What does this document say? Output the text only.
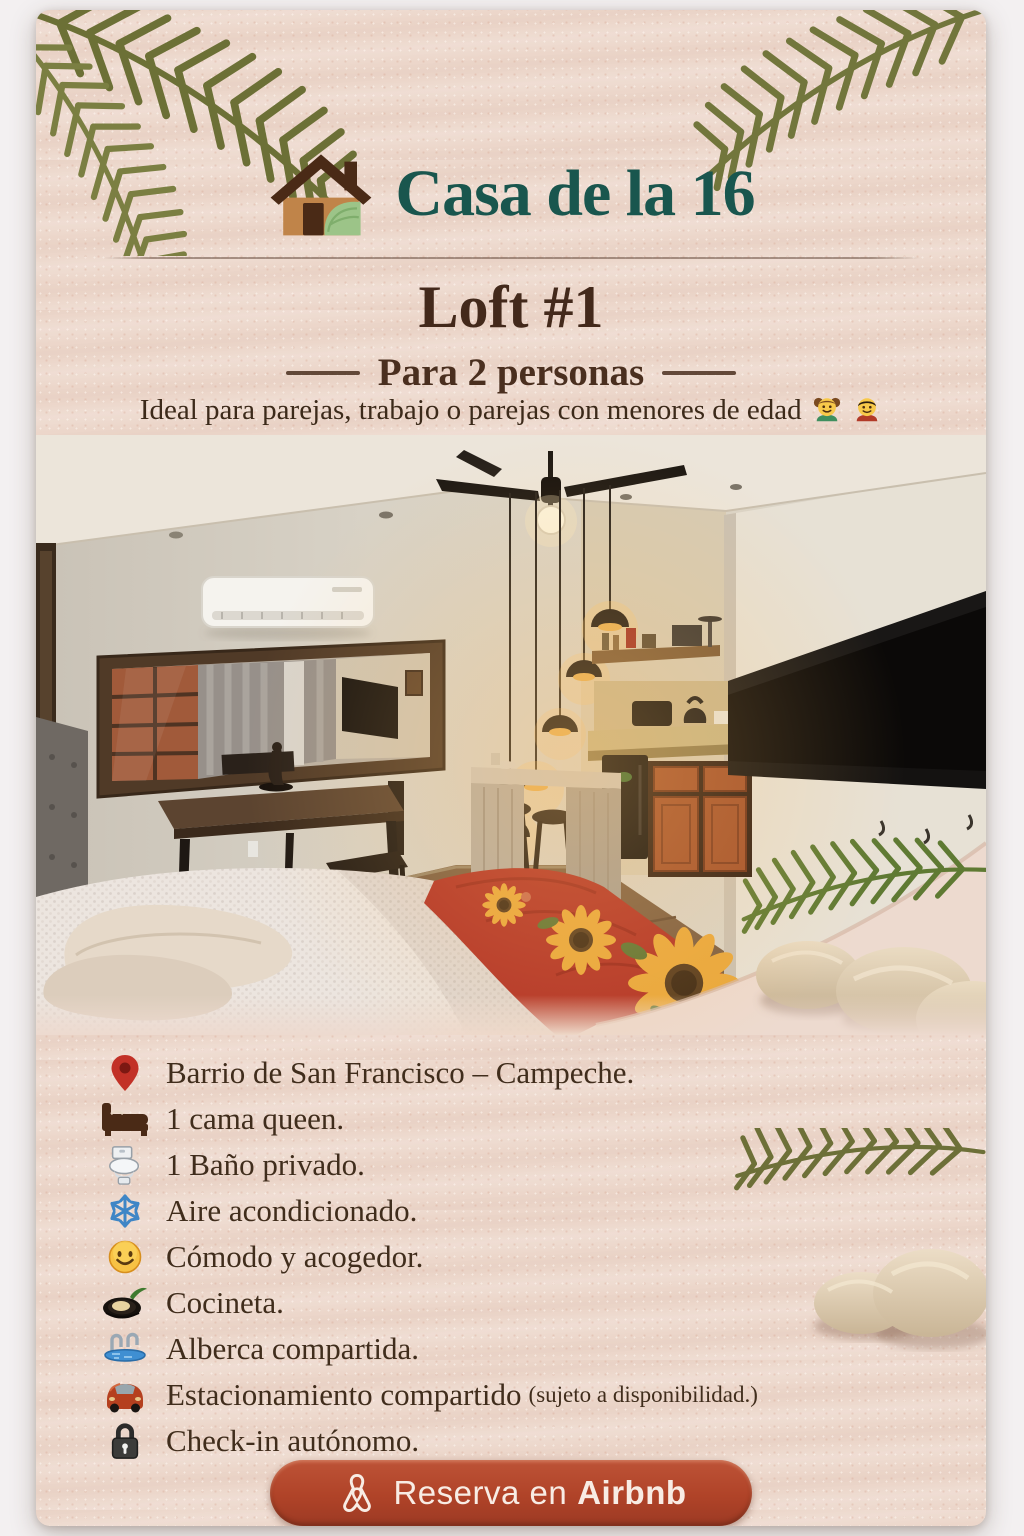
Casa de la 16
Loft #1
Para 2 personas
Ideal para parejas, trabajo o parejas con menores de edad
Barrio de San Francisco – Campeche.
1 cama queen.
1 Baño privado.
Aire acondicionado.
Cómodo y acogedor.
Cocineta.
Alberca compartida.
Estacionamiento compartido (sujeto a disponibilidad.)
Check-in autónomo.
Reserva en Airbnb
